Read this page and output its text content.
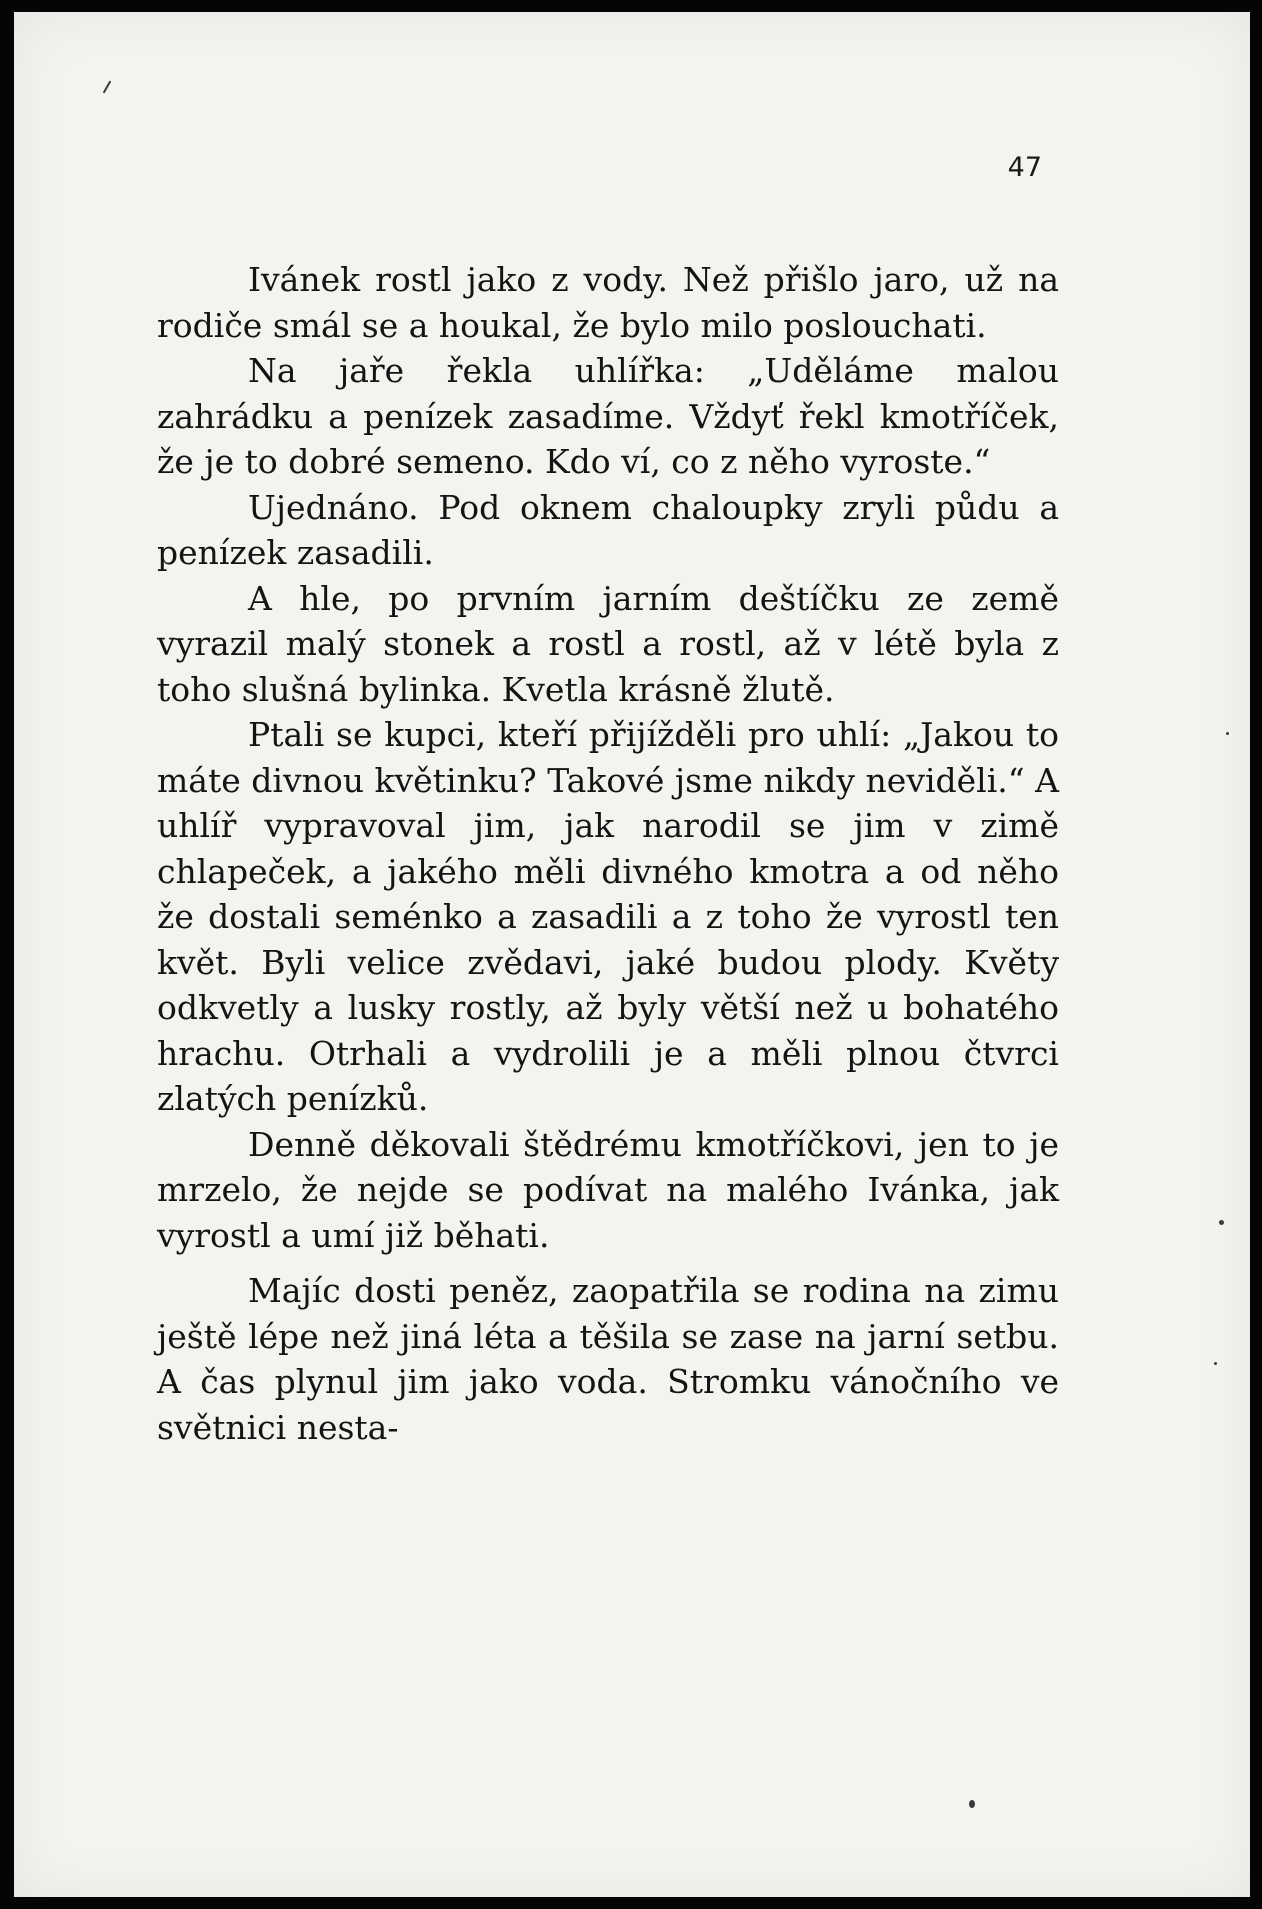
47

Ivánek rostl jako z vody. Než přišlo jaro, už na rodiče smál se a houkal, že bylo milo poslouchati.

Na jaře řekla uhlířka: „Uděláme malou zahrádku a penízek zasadíme. Vždyť řekl kmotříček, že je to dobré semeno. Kdo ví, co z něho vyroste.“

Ujednáno. Pod oknem chaloupky zryli půdu a penízek zasadili.

A hle, po prvním jarním deštíčku ze země vyrazil malý stonek a rostl a rostl, až v létě byla z toho slušná bylinka. Kvetla krásně žlutě.

Ptali se kupci, kteří přijížděli pro uhlí: „Jakou to máte divnou květinku? Takové jsme nikdy neviděli.“ A uhlíř vypravoval jim, jak narodil se jim v zimě chlapeček, a jakého měli divného kmotra a od něho že dostali seménko a zasadili a z toho že vyrostl ten květ. Byli velice zvědavi, jaké budou plody. Květy odkvetly a lusky rostly, až byly větší než u bohatého hrachu. Otrhali a vydrolili je a měli plnou čtvrci zlatých penízků.

Denně děkovali štědrému kmotříčkovi, jen to je mrzelo, že nejde se podívat na malého Ivánka, jak vyrostl a umí již běhati.

Majíc dosti peněz, zaopatřila se rodina na zimu ještě lépe než jiná léta a těšila se zase na jarní setbu. A čas plynul jim jako voda. Stromku vánočního ve světnici nesta-
